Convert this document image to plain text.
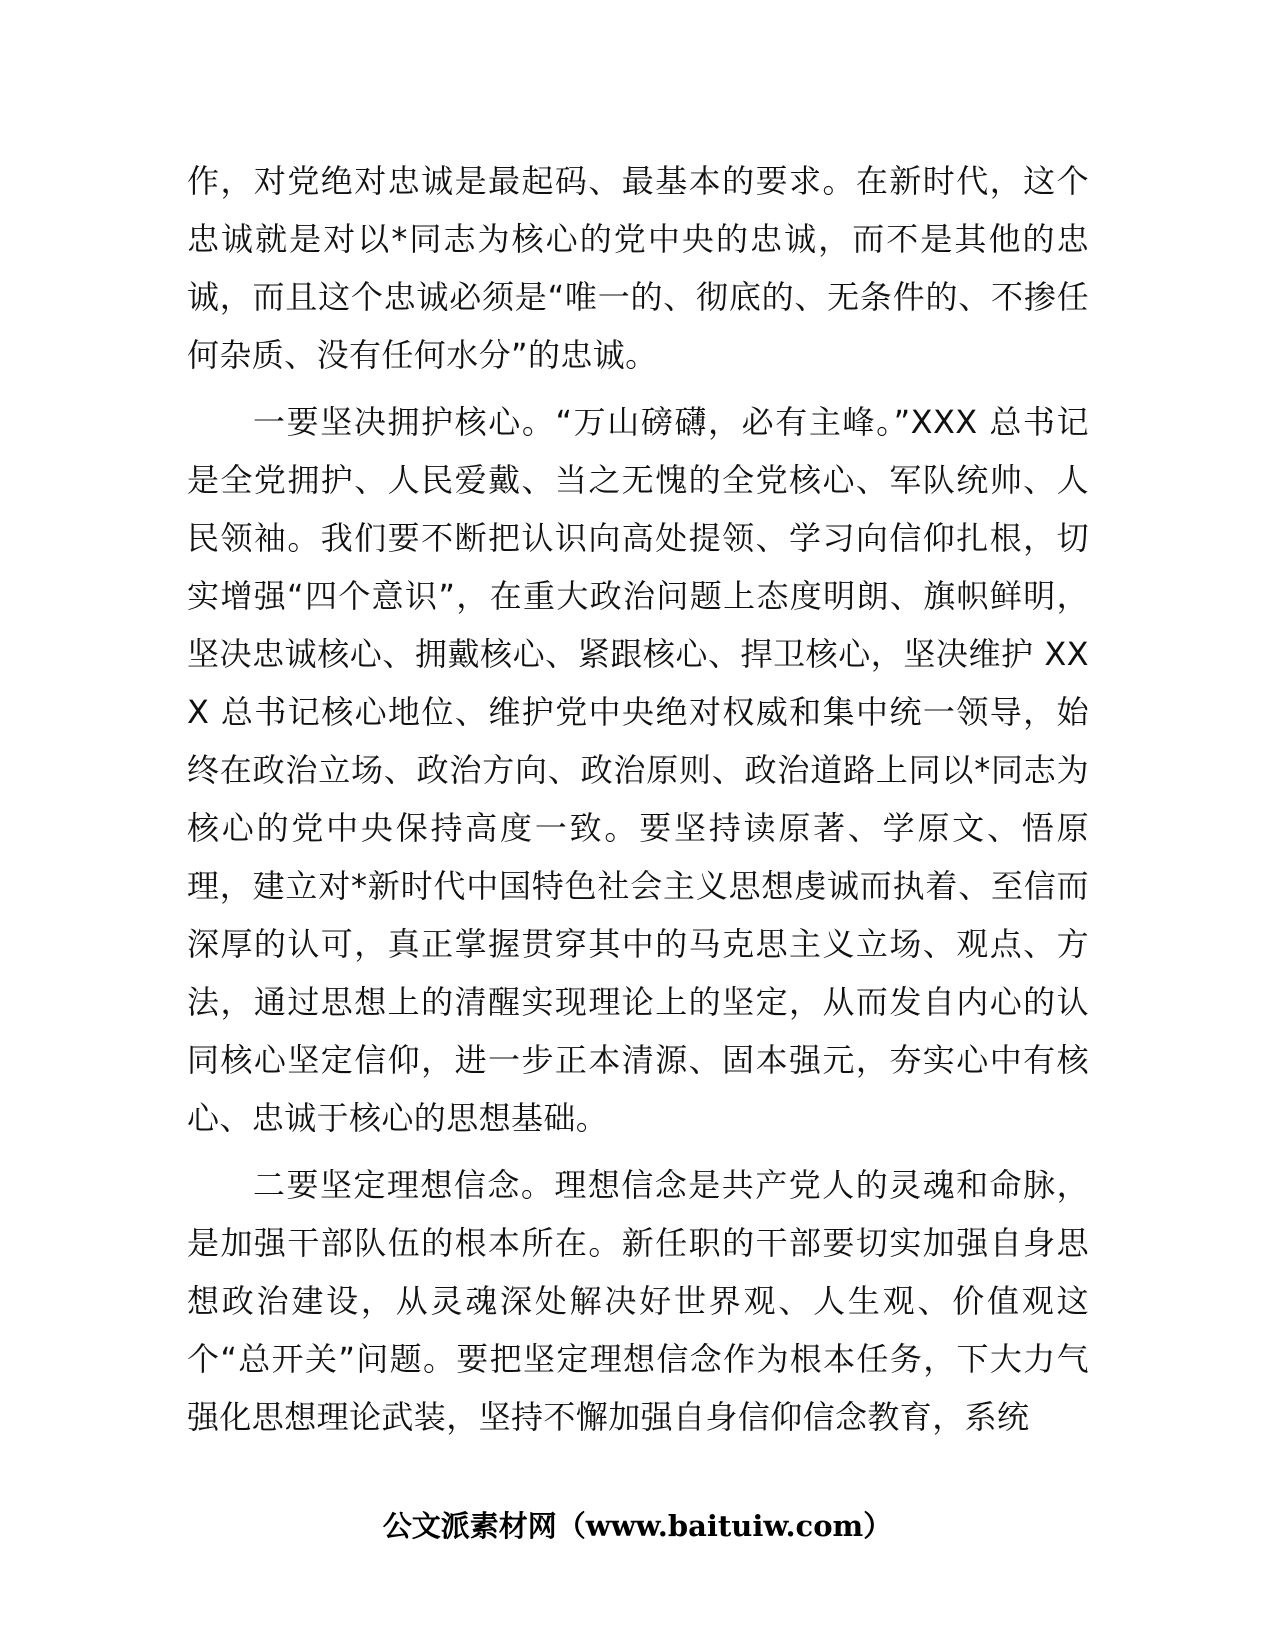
作，对党绝对忠诚是最起码、最基本的要求。在新时代，这个忠诚就是对以*同志为核心的党中央的忠诚，而不是其他的忠诚，而且这个忠诚必须是“唯一的、彻底的、无条件的、不掺任何杂质、没有任何水分”的忠诚。

一要坚决拥护核心。“万山磅礴，必有主峰。”XXX 总书记是全党拥护、人民爱戴、当之无愧的全党核心、军队统帅、人民领袖。我们要不断把认识向高处提领、学习向信仰扎根，切实增强“四个意识”，在重大政治问题上态度明朗、旗帜鲜明，坚决忠诚核心、拥戴核心、紧跟核心、捍卫核心，坚决维护 XXX 总书记核心地位、维护党中央绝对权威和集中统一领导，始终在政治立场、政治方向、政治原则、政治道路上同以*同志为核心的党中央保持高度一致。要坚持读原著、学原文、悟原理，建立对*新时代中国特色社会主义思想虔诚而执着、至信而深厚的认可，真正掌握贯穿其中的马克思主义立场、观点、方法，通过思想上的清醒实现理论上的坚定，从而发自内心的认同核心坚定信仰，进一步正本清源、固本强元，夯实心中有核心、忠诚于核心的思想基础。

二要坚定理想信念。理想信念是共产党人的灵魂和命脉，是加强干部队伍的根本所在。新任职的干部要切实加强自身思想政治建设，从灵魂深处解决好世界观、人生观、价值观这个“总开关”问题。要把坚定理想信念作为根本任务，下大力气强化思想理论武装，坚持不懈加强自身信仰信念教育，系统

公文派素材网（www.baituiw.com）
